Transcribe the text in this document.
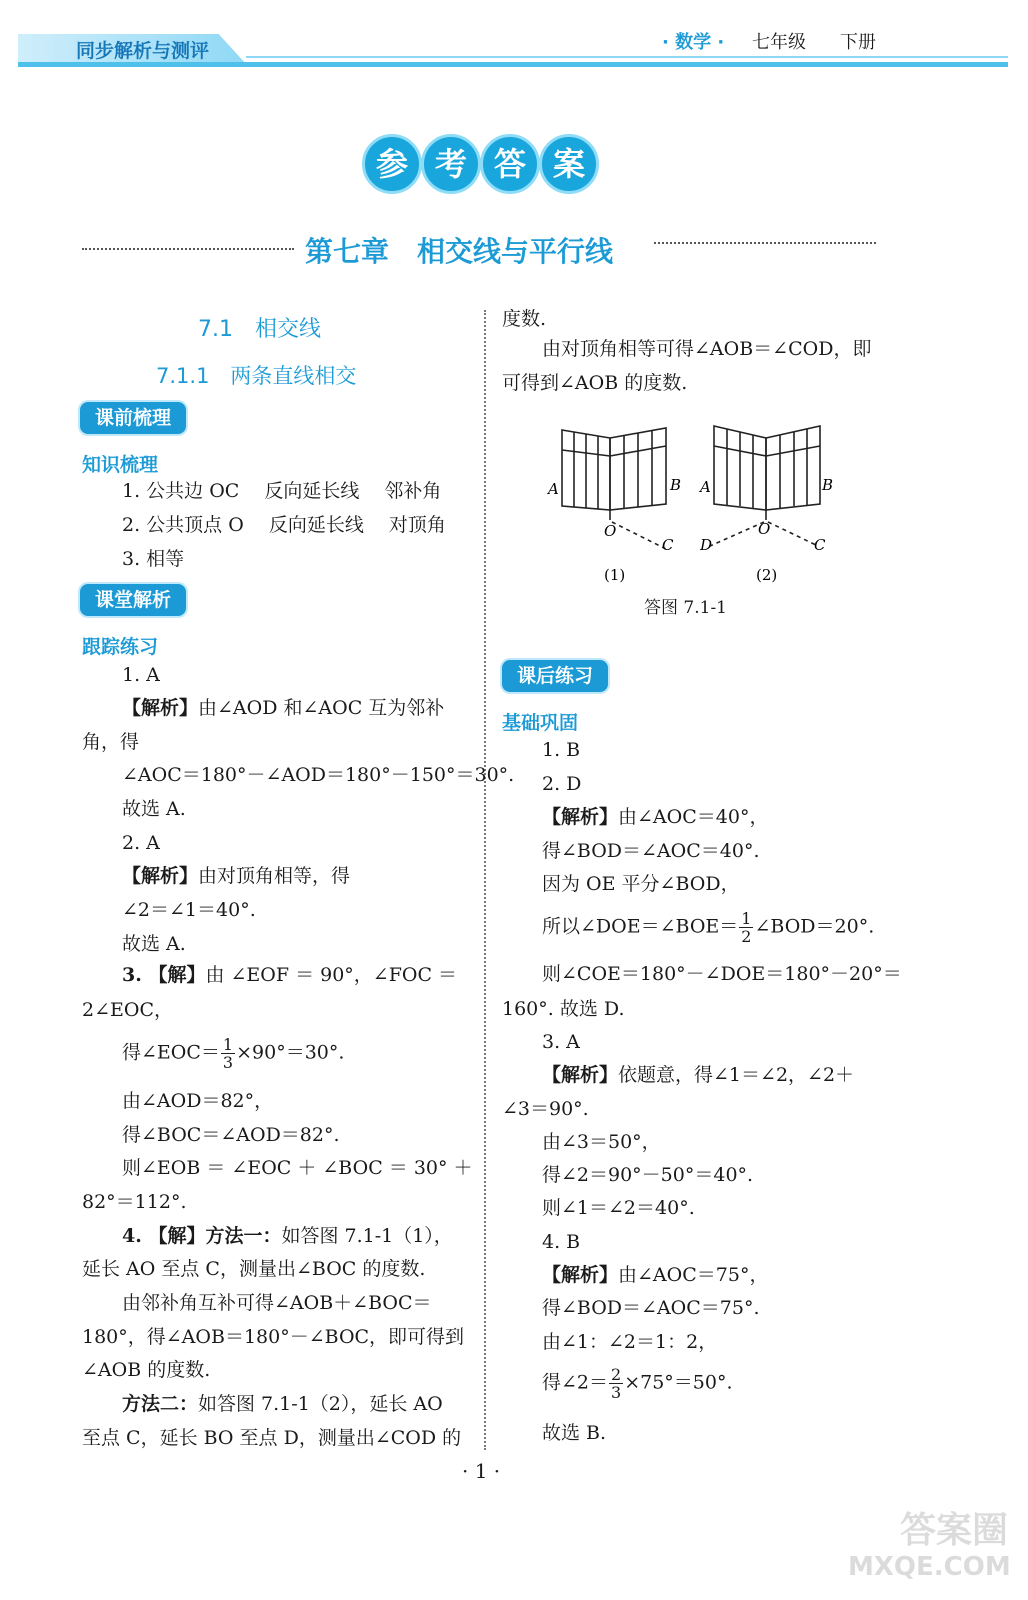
同步解析与测评	· 数学 · 七年级 下册
参 考 答 案
第七章　相交线与平行线
7.1　相交线
7.1.1　两条直线相交
课前梳理
知识梳理
1. 公共边 OC　 反向延长线　 邻补角
2. 公共顶点 O　 反向延长线　 对顶角
3. 相等
课堂解析
跟踪练习
1. A
【解析】由∠AOD 和∠AOC 互为邻补
角，得
∠AOC＝180°－∠AOD＝180°－150°＝30°.
故选 A.
2. A
【解析】由对顶角相等，得
∠2＝∠1＝40°.
故选 A.
3. 【解】由 ∠EOF ＝ 90°，∠FOC ＝
2∠EOC，
得∠EOC＝ $\frac{1}{3} \times 90^\circ=30^\circ$.
由∠AOD＝82°，
得∠BOC＝∠AOD＝82°.
则∠EOB ＝ ∠EOC ＋ ∠BOC ＝ 30° ＋
82°＝112°.
4. 【解】方法一：如答图 7.1-1（1），
延长 AO 至点 C，测量出∠BOC 的度数.
由邻补角互补可得∠AOB＋∠BOC＝
180°，得∠AOB＝180°－∠BOC，即可得到
∠AOB 的度数.
方法二：如答图 7.1-1（2），延长 AO
至点 C，延长 BO 至点 D，测量出∠COD 的
度数.
由对顶角相等可得∠AOB＝∠COD，即
可得到∠AOB 的度数.
A	B
O
C
A	B
O
C
D
(1)	(2)
答图 7.1-1
课后练习
基础巩固
1. B
2. D
【解析】由∠AOC＝40°，
得∠BOD＝∠AOC＝40°.
因为 OE 平分∠BOD，
所以∠DOE＝∠BOE＝ $\frac{1}{2}$ ∠BOD＝20°.
则∠COE＝180°－∠DOE＝180°－20°＝
160°. 故选 D.
3. A
【解析】依题意，得∠1＝∠2，∠2＋
∠3＝90°.
由∠3＝50°，
得∠2＝90°－50°＝40°.
则∠1＝∠2＝40°.
4. B
【解析】由∠AOC＝75°，
得∠BOD＝∠AOC＝75°.
由∠1：∠2＝1：2，
得∠2＝ $\frac{2}{3} \times 75^\circ=50^\circ$.
故选 B.
· 1 ·
答案圈
MXQE.COM
